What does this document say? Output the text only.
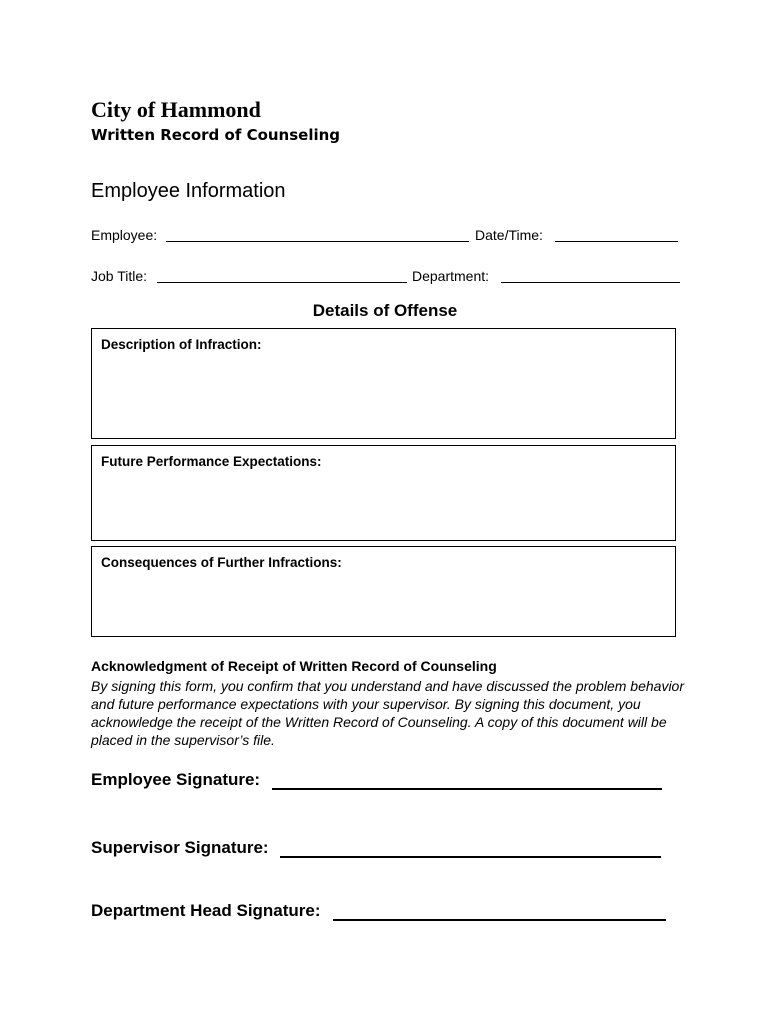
City of Hammond
Written Record of Counseling
Employee Information
Employee:	Date/Time:
Job Title:	Department:
Details of Offense
Description of Infraction:
Future Performance Expectations:
Consequences of Further Infractions:
Acknowledgment of Receipt of Written Record of Counseling
By signing this form, you confirm that you understand and have discussed the problem behavior and future performance expectations with your supervisor. By signing this document, you acknowledge the receipt of the Written Record of Counseling. A copy of this document will be placed in the supervisor’s file.
Employee Signature:
Supervisor Signature:
Department Head Signature:
